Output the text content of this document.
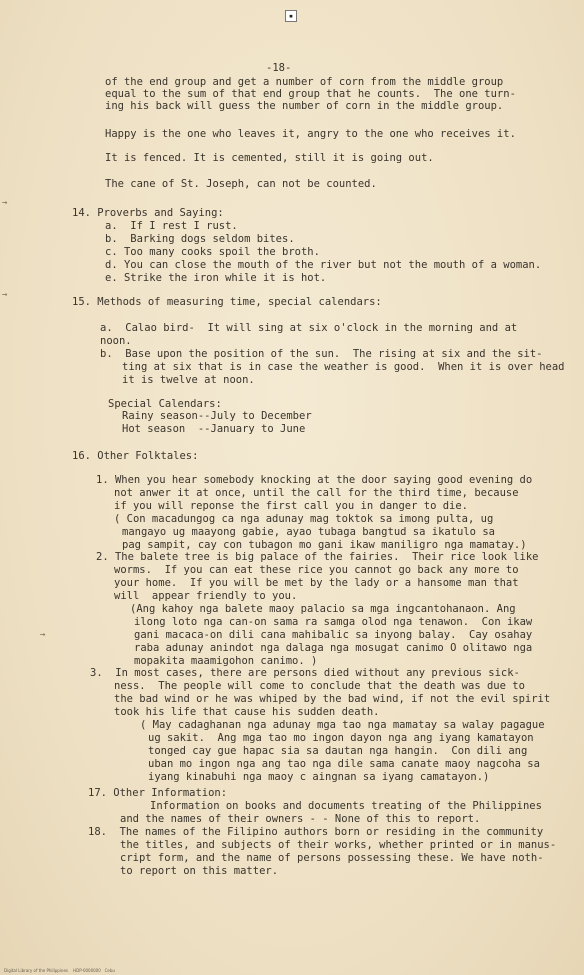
▪
-18-
→
→
→
of the end group and get a number of corn from the middle group
equal to the sum of that end group that he counts.  The one turn-
ing his back will guess the number of corn in the middle group.
Happy is the one who leaves it, angry to the one who receives it.
It is fenced. It is cemented, still it is going out.
The cane of St. Joseph, can not be counted.
14. Proverbs and Saying:
a.  If I rest I rust.
b.  Barking dogs seldom bites.
c. Too many cooks spoil the broth.
d. You can close the mouth of the river but not the mouth of a woman.
e. Strike the iron while it is hot.
15. Methods of measuring time, special calendars:
a.  Calao bird-  It will sing at six o'clock in the morning and at
noon.
b.  Base upon the position of the sun.  The rising at six and the sit-
ting at six that is in case the weather is good.  When it is over head
it is twelve at noon.
Special Calendars:
Rainy season--July to December
Hot season  --January to June
16. Other Folktales:
1. When you hear somebody knocking at the door saying good evening do
not anwer it at once, until the call for the third time, because
if you will reponse the first call you in danger to die.
( Con macadungog ca nga adunay mag toktok sa imong pulta, ug
mangayo ug maayong gabie, ayao tubaga bangtud sa ikatulo sa
pag sampit, cay con tubagon mo gani ikaw maniligro nga mamatay.)
2. The balete tree is big palace of the fairies.  Their rice look like
worms.  If you can eat these rice you cannot go back any more to
your home.  If you will be met by the lady or a hansome man that
will  appear friendly to you.
(Ang kahoy nga balete maoy palacio sa mga ingcantohanaon. Ang
ilong loto nga can-on sama ra samga olod nga tenawon.  Con ikaw
gani macaca-on dili cana mahibalic sa inyong balay.  Cay osahay
raba adunay anindot nga dalaga nga mosugat canimo O olitawo nga
mopakita maamigohon canimo. )
3.  In most cases, there are persons died without any previous sick-
ness.  The people will come to conclude that the death was due to
the bad wind or he was whiped by the bad wind, if not the evil spirit
took his life that cause his sudden death.
( May cadaghanan nga adunay mga tao nga mamatay sa walay pagague
ug sakit.  Ang mga tao mo ingon dayon nga ang iyang kamatayon
tonged cay gue hapac sia sa dautan nga hangin.  Con dili ang
uban mo ingon nga ang tao nga dile sama canate maoy nagcoha sa
iyang kinabuhi nga maoy c aingnan sa iyang camatayon.)
17. Other Information:
Information on books and documents treating of the Philippines
and the names of their owners - - None of this to report.
18.  The names of the Filipino authors born or residing in the community
the titles, and subjects of their works, whether printed or in manus-
cript form, and the name of persons possessing these. We have noth-
to report on this matter.
Digital Library of the Philippines    HDP-0000000   Cebu
